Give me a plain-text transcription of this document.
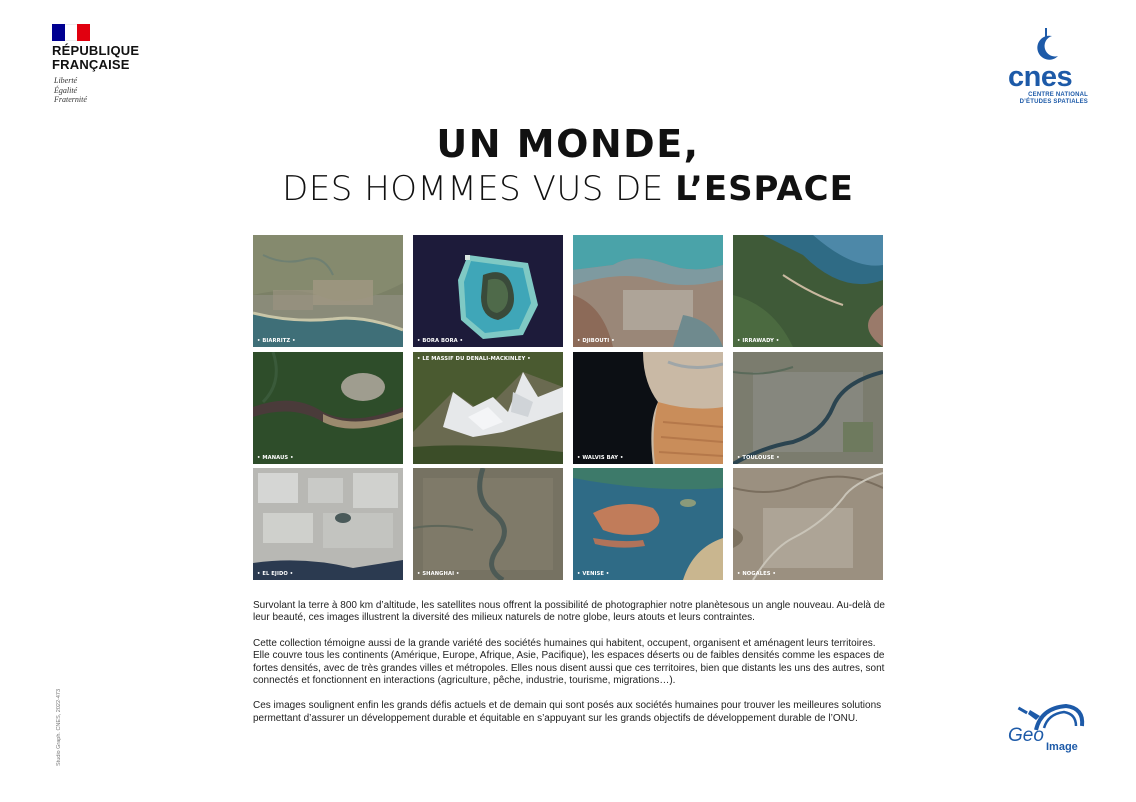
RÉPUBLIQUE
FRANÇAISE
Liberté
Égalité
Fraternité
cnes
CENTRE NATIONAL
D’ÉTUDES SPATIALES
UN MONDE,
DES HOMMES VUS DE L’ESPACE
• BIARRITZ •	• BORA BORA •	• DJIBOUTI •	• IRRAWADY •
• MANAUS •
• LE MASSIF DU DENALI-MACKINLEY •
• WALVIS BAY •	• TOULOUSE •
• EL EJIDO •	• SHANGHAI •	• VENISE •	• NOGALES •

Survolant la terre à 800 km d’altitude, les satellites nous offrent la possibilité de photographier notre planètesous un angle nouveau. Au-delà de leur beauté, ces images illustrent la diversité des milieux naturels de notre globe, leurs atouts et leurs contraintes.

Cette collection témoigne aussi de la grande variété des sociétés humaines qui habitent, occupent, organisent et aménagent leurs territoires. Elle couvre tous les continents (Amérique, Europe, Afrique, Asie, Pacifique), les espaces déserts ou de faibles densités comme les espaces de fortes densités, avec de très grandes villes et métropoles. Elles nous disent aussi que ces territoires, bien que distants les uns des autres, sont connectés et fonctionnent en interactions (agriculture, pêche, industrie, tourisme, migrations…).

Ces images soulignent enfin les grands défis actuels et de demain qui sont posés aux sociétés humaines pour trouver les meilleures solutions permettant d’assurer un développement durable et équitable en s’appuyant sur les grands objectifs de développement durable de l’ONU.

Studio Graph. CNES, 2022-473	Geo
Image
